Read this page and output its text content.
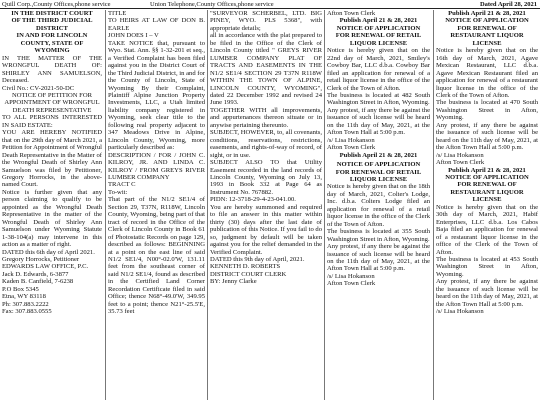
Quill Corp.,County Offices,phone service	Union Telephone,County Offices,phone service	Dated April 28, 2021

IN THE DISTRICT COURT

OF THE THIRD JUDICIAL

DISTRICT

IN AND FOR LINCOLN

COUNTY, STATE OF

WYOMING

IN THE MATTER OF THE WRONGFUL DEATH OF: SHIRLEY ANN SAMUELSON, Deceased.

Civil No.: CV-2021-50-DC

NOTICE OF PETITION FOR APPOINTMENT OF WRONGFUL DEATH REPRESENTATIVE

TO ALL PERSONS INTERESTED IN SAID ESTATE:

YOU ARE HEREBY NOTIFIED that on the 29th day of March 2021, a Petition for Appointment of Wrongful Death Representative in the Matter of the Wrongful Death of Shirley Ann Samuelson was filed by Petitioner, Gregory Horrocks, in the above-named Court.

Notice is further given that any person claiming to qualify to be appointed as the Wrongful Death Representative in the matter of the Wrongful Death of Shirley Ann Samuelson under Wyoming Statute 1-38-104(a) may intervene in this action as a matter of right.

DATED this 6th day of April 2021.

Gregory Horrocks, Petitioner

EDWARDS LAW OFFICE, P.C.

Jack D. Edwards, 6-3877

Kaden B. Canfield, 7-6238

P.O Box 5345

Etna, WY 83118

Ph: 307.883.2222

Fax: 307.883.0555

TITLE

TO HEIRS AT LAW OF DON B. EARLE

JOHN DOES I – V

TAKE NOTICE that, pursuant to Wyo. Stat. Ann. §§ 1-32-201 et seq., a Verified Complaint has been filed against you in the District Court of the Third Judicial District, in and for the County of Lincoln, State of Wyoming By their Complaint, Plaintiff Alpine Junction Property Investments, LLC, a Utah limited liability company registered in Wyoming, seek clear title to the following real property adjacent to 347 Meadows Drive in Alpine, Lincoln County, Wyoming, more particularly described as:

DESCRIPTION / FOR / JOHN C. KILROY, JR. AND LINDA C. KILROY / FROM GREYS RIVER LUMBER COMPANY

TRACT C

To-wit:

That part of the N1/2 SE1/4 of Section 29, T37N, R118W, Lincoln County, Wyoming, being part of that tract of record in the Office of the Clerk of Lincoln County in Book 61 of Photostatic Records on page 129, described as follows: BEGINNING at a point on the east line of said N1/2 SE1/4, N00°-02.0'W, 131.11 feet from the southeast corner of said N1/2 SE1/4, found as described in the Certified Land Corner Recordation Certificate filed in said Office; thence N68°-49.0'W, 349.95 feet to a point; thence N21°-25.5'E, 35.73 feet

"SURVEYOR SCHERBEL, LTD. BIG PINEY, WYO. PLS 5368", with appropriate details;

all in accordance with the plat prepared to be filed in the Office of the Clerk of Lincoln County titled " GREYS RIVER LUMBER COMPANY PLAT OF TRACTS AND EASEMENTS IN THE N1/2 SE1/4 SECTION 29 T37N R118W WITHIN THE TOWN OF ALPINE, LINCOLN COUNTY, WYOMING", dated 22 December 1992 and revised 24 June 1993.

TOGETHER WITH all improvements, and appurtenances thereon situate or in anywise pertaining thereunto.

SUBJECT, HOWEVER, to, all covenants, conditions, reservations, restrictions, easements, and rights-of-way of record, of sight, or in use.

SUBJECT ALSO TO that Utility Easement recorded in the land records of Lincoln County, Wyoming on July 13, 1993 in Book 332 at Page 64 as Instrument No. 767882.

PIDN: 12-3718-29-4-23-041.00.

You are hereby summoned and required to file an answer in this matter within thirty (30) days after the last date of publication of this Notice. If you fail to do so, judgment by default will be taken against you for the relief demanded in the Verified Complaint.

DATED this 9th day of April, 2021.

KENNETH D. ROBERTS

DISTRICT COURT CLERK

BY: Jenny Clarke

Afton Town Clerk

Publish April 21 & 28, 2021

NOTICE OF APPLICATION

FOR RENEWAL OF RETAIL

LIQUOR LICENSE

Notice is hereby given that on the 22nd day of March, 2021, Smiley's Cowboy Bar, LLC d.b.a. Cowboy Bar filed an application for renewal of a retail liquor license in the office of the Clerk of the Town of Afton.

The business is located at 482 South Washington Street in Afton, Wyoming.

Any protest, if any there be against the issuance of such license will be heard on the 11th day of May, 2021, at the Afton Town Hall at 5:00 p.m.

/s/ Lisa Hokanson

Afton Town Clerk

Publish April 21 & 28, 2021

NOTICE OF APPLICATION

FOR RENEWAL OF RETAIL

LIQUOR LICENSE

Notice is hereby given that on the 18th day of March, 2021, Colter's Lodge, Inc. d.b.a. Colters Lodge filed an application for renewal of a retail liquor license in the office of the Clerk of the Town of Afton.

The business is located at 355 South Washington Street in Afton, Wyoming.

Any protest, if any there be against the issuance of such license will be heard on the 11th day of May, 2021, at the Afton Town Hall at 5:00 p.m.

/s/ Lisa Hokanson

Afton Town Clerk

Publish April 21 & 28, 2021

NOTICE OF APPLICATION

FOR RENEWAL OF

RESTAURANT LIQUOR

LICENSE

Notice is hereby given that on the 16th day of March, 2021, Agave Mexican Restaurant, LLC d.b.a. Agave Mexican Restaurant filed an application for renewal of a restaurant liquor license in the office of the Clerk of the Town of Afton.

The business is located at 470 South Washington Street in Afton, Wyoming.

Any protest, if any there be against the issuance of such license will be heard on the 11th day of May, 2021, at the Afton Town Hall at 5:00 p.m.

/s/ Lisa Hokanson

Afton Town Clerk

Publish April 21 & 28, 2021

NOTICE OF APPLICATION

FOR RENEWAL OF

RESTAURANT LIQUOR

LICENSE

Notice is hereby given that on the 30th day of March, 2021, Habif Enterprises, LLC d.b.a. Los Cabos Baja filed an application for renewal of a restaurant liquor license in the office of the Clerk of the Town of Afton.

The business is located at 453 South Washington Street in Afton, Wyoming.

Any protest, if any there be against the issuance of such license will be heard on the 11th day of May, 2021, at the Afton Town Hall at 5:00 p.m.

/s/ Lisa Hokanson
